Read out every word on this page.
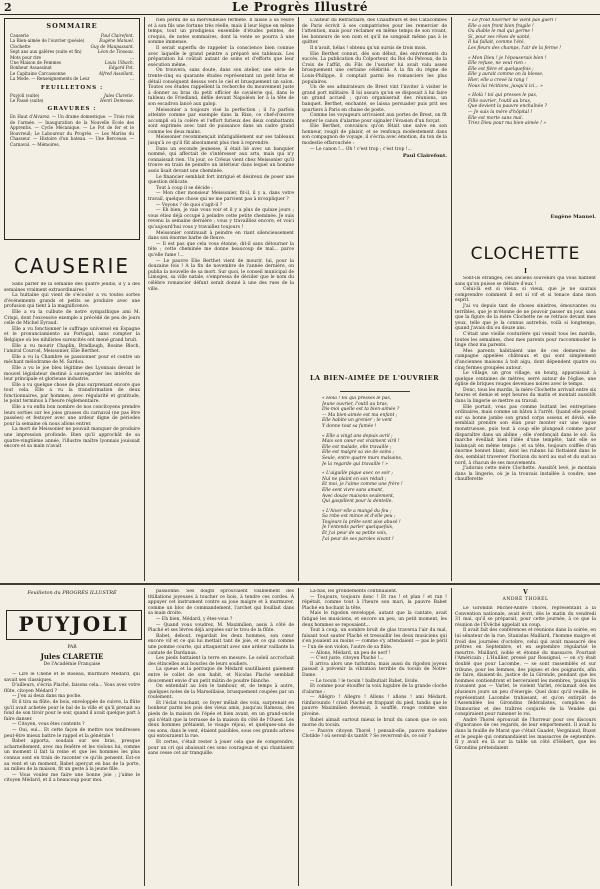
2	Le Progrès Illustré
SOMMAIRE
Causerie	Paul Clairefont.
La Bien-aimée de l'ouvrier (poésie)	Eugène Manuel.
Clochette	Guy de Maupassant.
Sept ans aux galères (suite et fin)	Léon de Tinseau.
Mots pour rire	...
Une Maison de Femmes	Louis Ulbach.
Bonheur Assassinat	Edgard Pot.
Le Capitaine Carcassonne	Alfred Assollant.
La Mode. — Renseignements de Leur	...
FEUILLETONS :
Puyjoli (suite)	Jules Claretie.
Le Passé (suite)	Henri Demesse.
GRAVURES :
En Haut d'Alvarez. — Un drame domestique. — Trois rois de l'armée. — Inauguration de la Nouvelle École des Apprentis. — Cycle Mécanique. — Le Pot de fer et le Bouvreuil; Le Laboureur du Progrès. — Les Marins du Chasseur. — Histoire d'un bateau. — Une Berceuse. — Carnaval. — Mémoires.
CAUSERIE

Sans parler de la semaine des quatre jeudis, il y a des semaines vraiment extraordinaires !

La huitaine qui vient de s'écouler a vu toutes sortes d'événements grands et petits se produire avec une profusion qui tient à la magnificence.

Elle a vu la culbute de notre sympathique ami M. Crispi, dont l'excessive exemple a précédé de peu de jours celle de Michel Eyraud.

Elle a vu fonctionner le suffrage universel en Espagne et le pronunciamiento au Portugal, sans compter la Belgique où les nihilistes surexcités ont mené grand bruit.

Elle a vu mourir Chaplin, Bradlaugh, Rosine Bloch, l'amiral Courcel, Meissonier, Elie Berthet.

Elle a vu la Chambre se passionner pour et contre un méchant mélodrame de M. Sardou.

Elle a vu le joe bleu légitime des Lyonnais devant le mouvel législateur destiné à sauvegarder les intérêts de leur principale et glorieuse industrie.

Elle a vu quelque chose de plus surprenant encore que tout cela. Elle a vu la transformation de deux fonctionnaires, par hommes, avec régularité et gratitude, le point terminus à l'heure réglementaire.

Elle a vu enfin bon nombre de nos concitoyens prendre leurs sorties sur les joies grasses du carnaval (ne pas être passées) et festoyer avec une ardeur digne de périodes pour la semaine où nous allons entrer.

La mort de Meissonier ne pouvait manquer de produire une impression profonde. Bien qu'il approchât de sa quatre-vingtième année, l'illustre maître lyonnais jouissait encore et sa main n'avait

rien perdu de sa merveilleuse fermeté. Il laisse à sa veuve et à son fils une fortune très réelle, mais il leur lègue en même temps, tout un prodigieux ensemble d'études peintes, de croquis, de notes sommaires, dont la vente se pourra à une somme immense.

Il serait superflu de rappeler la conscience bien connue avec laquelle le grand peintre a préparé ses tableaux. Les préparation lui coûtait autant de soins et d'efforts que leur exécution même.

On trouvera, sans doute, dans son atelier, une série de trente-cinq ou quarante études représentant un petit bras et détail conséquent dessus vers le ciel et brusquement un salon. Toutes ces études rappellent la recherche du mouvement juste à donner au bras du petit officier de cavalerie qui, dans le tableau de Friedland, défile devant Napoléon Ier à la tête de son escadron lancé aux galop.

Meissonier a toujours visé la perfection ; il l'a parfois atteinte comme par exemple dans la Rixe, ce chef-d'œuvre accompli où la colère et l'effort furieux des deux combattants sont exprimés avec tant de puissance dans un cadre grand comme les deux mains.

Meissonier recommençait infatigablement sur ses tableaux jusqu'à ce qu'il fût absolument plus rien à reprendre.

Dans un seconde jeunesse, il était lié avec un banquier nommé, qui affectait de s'intéresser aux arts, mais qui n'y connaissait rien. Un jour, ce Crésus vient chez Meissonier qu'il trouve en train de peindre un intérieur dans lequel un homme assis lisait devant une cheminée.

Le financier semblait fort intrigué et désireux de poser une question délicate.

Tout à coup il se décide :

— Mon cher monsieur Meissonier, fit-il, il y a, dans votre travail, quelque chose qui ne me parvient pas à m'expliquer ?

— Voyons ? de quoi s'agit-il ?

— Eh bien, je vais vous voir et il y a plus de quinze jours ; vous étiez déjà occupé à peindre cette petite cheminée. Je suis revenu la semaine dernière ; vous y travailliez encore, et voici qu'aujourd'hui vous y travaillez toujours !

Meissonier continuait à peindre en riant silencieusement dans son énorme barbe de fleuve.

— Il est pas que cela vous étonne, dit-il sans détourner la tête ; cette cheminée me donne beaucoup de mal... parce qu'elle fume !...

— Le pauvre Elie Berthet vient de mourir, lui, pour la douzaine fois ! A la fin de novembre de l'année dernière, on publia la nouvelle de sa mort. Sur quoi, le conseil municipal de Limoges, sa ville natale, s'empressa de décider que le nom du célèbre romancier défunt serait donné à une des rues de la ville.

L'auteur du Réfractaire, des Chauffeurs et des Catacombes de Paris écrivit à ses compatriotes pour les remercier de l'attention, mais pour réclamer en même temps de son vivant, les honneurs de son nom et qu'il ne songeait même pas à le quitter.

Il n'avait, hélas ! obtenu qu'un sursis de trois mois.

Elie Berthet connut, dès son début, des enivrements du succès. La publication du Colporteur, du Roi du Pelvoux, de la Croix de l'affût, du Fils de l'usurier lui avait valu assez brusquement une certaine célébrité. A la fin du règne de Louis-Philippe, il comptait parmi les romanciers les plus populaires.

Un de ses admirateurs de Brest vint l'inviter à visiter le grand port militaire. Il lui assura qu'on se disposait à lui faire un grand accueil ; qu'on organiserait des réunions, un banquet. Berthet, enchanté, se laissa persuader puis prit ses quartiers à Paris en chaise de poste.

Comme les voyageurs arrivaient aux portes de Brest, on fit sonner le canon d'alarme pour signaler l'évasion d'un forçat.

Elie Berthet, convaincu qu'on fêtait une salve en son honneur, rougit de plaisir, et se renfonça modestement dans son compagnon de voyage, il s'écria avec émotion, du ton de la modestie effarouchée :

— Le canon !... Oh ! c'est trop ; c'est trop !...

Paul Clairefont.
LA BIEN-AIMÉE DE L'OUVRIER
« Holà ! toi qui presses le pas,
Jeune ouvrier, l'outil au bras,
Dis-moi quelle est ta bien-aimée ?
— Ma bien-aimée est ma enfant ;
Elle habite un grenier ; le vent
Y donne tout sa fumée !
« Elle a vingt ans depuis avril ;
Mais son cœur est vraiment viril !
Elle est malade, elle travaille ;
Elle est malgré sa vie de soins ;
Seule, entre quatre murs malsains,
Je la regarde qui travaille ! »
« L'aiguille pique avec ce soir ;
Nul ne plaint en son réduit ;
Et moi, je l'aime comme une frère !
Elle sent vivre sans amant,
Avec douze maisons seulement,
Qui gaspillent pour la dentelle.
« L'hiver elle a mangé du feu ;
Sa robe est mince et d'elle peu ;
Toujours la prête sont aise abusé !
Je l'entends parler quelquefois,
Et j'ai peur de sa petite voix,
J'ai peur de ses paroles vivant !
« Le froid hiverner ne vient pas guéri !
Elle a son front bien fragile !
Ou diable le mal qui germe !
Si, pour ses rêves de santé,
Il lui fallait, comme l'été,
Les fleurs des champs, l'air de la ferme !
« Mon Dieu ! je l'épouserais bien !
Elle refuse, ne veut rien :
Elle est fière et quelquefois ;
Elle y aurait comme on la blesse,
Hier, elle a crevé la rang !
Nous lui récitions, jusqu'à ici... »
« Holà ! toi qui presses le pas,
Fille ouvrier, l'outil au bras,
Que devient la pauvre enchaînée ?
— Je suis la mère d'hôpital !
Elle est morte sans mal.
Triez Dieu pour ma bien-aimée ! »
Eugène Manuel.
CLOCHETTE
I

Sont-ils étranges, ces anciens souvenirs qui vous hantent sans qu'on puisse se défaire d'eux !

Celui-là est si vieux, si vieux, que je ne saurais comprendre comment il est si vif et si tenace dans mon esprit.

J'ai vu depuis tant de choses sinistres, émouvantes ou terribles, que je m'étonne de ne pouvoir passer un jour, sans que la figure de la mère Clochette ne se retrace devant mes yeux, telle que je la connus autrefois, voilà si longtemps, quand j'avais dix ou douze ans.

C'était une vieille couturière qui venait tous les mardis, toutes les semaines, chez mes parents pour raccommoder le linge chez ma parents.

Mes parents habitaient une de ces demeures de campagne appelées châteaux et qui sont simplement d'anciennes maisons à toit aigu, dont dépendent quatre ou cinq fermes groupées autour.

Le village, un gros village, un bourg, apparaissait à quelque centaines de mètres, serré autour de l'église, une église de briques rouges devenues noires avec le temps.

Donc, tous les mardis, la mère Clochette arrivait entre six heures et demie et sept heures du matin et montait aussitôt dans la lingerie se mettre au travail.

Elle portait, vous pas comme buttant les entreprises ordinaires, mais comme un bâton à l'arrêt. Quand elle posait sur sa bonne jambe son grand corps osseux et dévié, elle semblait prendre son élan pour monter sur une vague monstrueuse, puis tout à coup elle plongeait comme pour disparaître dans un abîme ; elle s'enfonçait dans le sol. Sa marche éveillait bien l'idée d'une tempête, tant elle se balançait en même temps ; et sa tête, toujours coiffée d'un énorme bonnet blanc, dont les rubans lui flottaient dans le dos, semblait traverser l'horizon du nord au sud et du sud au nord, à chacun de ses mouvements.

J'adorais cette mère Clochette. Aussitôt levé, je montais dans la lingerie, où je la trouvais installée à coudre, une chaufferette

Feuilleton du PROGRÈS ILLUSTRÉ
PUYJOLI
PAR
Jules CLARETIE
De l'Académie Française

— Lire le Chêne et le Roseau, murmure Médard, qui savait ses classiques.

D'ailleurs, s'écria Plaché, faisons cela... Vous avez votre flûte, citoyen Médard ?

— J'en ai deux dans ma poche.

Et il tira sa flûte, de bois, enveloppée de cuivre, la flûte qu'il avait achetée pour le bal de la ville et qu'il prenait au fond de son tiroir pour le soir, quand il avait quelque part à faire danser.

— Citoyen, vous êtes contents ?

— Oui, oui... Et cette façon de mettre nos tendresses peut-être mieux battre le rappel et la générale !

Babet apporta, soudain sur ses bras, presque acharnellement, avec ma fenêtre et les violons lui, comme un moment il fait la reine et que les hommes les plus connus sont en train de raconter ce qu'ils pensent. Est-ce au vent et un moment, Babet aperçut en bas de la porte, au milieu de la maison, fit un geste à la jeune fille.

— Vous voulez me faire une bonne joie ; j'aime le citoyen Médard, et il a beaucoup pour moi.

passionné. Ses doigts éprouvaient visiblement des titillations joyeuses à toucher ce bois, à tendre ces cordes. À appuyer cet instrument contre sa joue maigre et à murmurer, comme un bloc de commandement, l'archet qui fouillait dans sa main droite.

— Eh bien, Médard, y êtes-vous ?

— Quand vous voudrez, M. Maximilien, assis à côté de Plaché et ses lèvres déjà arquées sur le trou de la flûte.

Babet, debout, regardait les deux hommes, son cœur encore vif et ce qui lui mettait tant de joie, et ce qui comme une pomme courte, qui attaquerait avec une ardeur vaillante la cantate de Dardanus.

Les pieds battaient la terre en mesure. Le soleil accrochait des étincelles aux boucles de leurs souliers.

La queue et la perruque de Médard sautillaient gaiement entre le collet de son habit, et Nicolas Plaché semblait doucement envie d'un petit mâtin de poudre blanche.

On entendait au loin le tambour, et, de temps à autre, quelques notes de la Marseillaise, brusquement coupées par un roulement.

Et l'éclat touchant, ce foyer mêlait des voix, surprenait en bonheur parmi les pois des vieux amis, jusqu'au Rameau, des pieds de la maison de l'épée et bien avant, en un grand-oncle qui n'était que la terrasse de la maison du côté de l'Ouest. Les deux hommes prêtaient, le visage réjoui, et quelques-uns de ces sons, dans le vent, étaient paisibles, sous ces grands arbres qui entouraient la rue.

Et certes, c'était rester à jouer cela que de comprendre, pour un cri qui abaissait ces sons courageux et qui chantaient sans cesse cet air tranquille.

Là-bas, les grondements continuaient.

— Toujours, toujours donc ! Et ras ! et plan ! et ran ! répétait, comme tout à l'heure son mari, la pauvre Babet Plaché en hochant la tête.

Mais le rigodon enveloppé, autant que la cantate, avait fatigué les musiciens, et encore un peu, un petit moment, les deux hommes se reposaient...

Tout à coup, un sombre bruit de glas traversa l'air du mal, faisant tout sauter Plaché et tressaillir les deux musiciens qui s'en jouaient au moins — comme s'y attendaient — pas le péril — l'un de son violon, l'autre de sa flûte.

— Allons, Médard, un peu de nerf !

— C'est juste, citoyen Plaché !...

Il arriva alors une turlututu, mais aussi du rigodon joyeux passait à prévenir la vibration terrible du tocsin de Notre-Dame.

— Le tocsin ! le tocsin ! balbutiait Babet, livide.

Et comme pour étouffer la voix lugubre de la grande cloche d'alarme :

— Allégro ! Allegro ! Allons ! allons ! ami Médard, riinfaroundo ! criait Plaché en frappant du pied, tandis que le pauvre Maximilien devenait, à soufflé, rouge comme une pivoine.

Babet aimait surtout mieux le bruit du canon que ce son morne du tocsin.

— Pauvre citoyen Thorel ! pensait-elle, pauvre madame Clotilde ! où seront-ils tantôt ? Se reverront-ils, ce soir ?

V
ANDRÉ THOREL

Le Girondin Michel-André Thorel, représentant à la Convention nationale, avait écrit, dès le matin du vendredi 31 mai, qu'il se préparait, pour cette journée, à ce que la réunion de l'Évêché appelait un coup.

Il avait fait des conférences et réunions dans la soirée, en lui sénateur de la rue, Stanislas Maillard, l'homme maigre et froid des journées d'octobre, celui qui avait massacré des prêtres en Septembre, et en septembre régularisé le meurtre. Maillard, noble et étonné du massacre. Pourtant l'Américain ; L'Huillier, pressé par Rossignol, — on s'y était doublé que pour Lacombe, — se sont rassemblés et sur tribune, pour les femmes, des piques et des poignards, afin de faire, disaient-ils, justice de la Gironde, pendant que les hommes contiendront et berceraient les membres, 'puisqu'ils n'avaient pas — Varlet, le violent Varlet, réclamait dès les plusieurs jours un peu d'énergie. Quel donc qu'il veuille, le représentant Lacombe trahissant, et qu'on extirpât de l'Assemblée les Girondins fédéralistes, complices de Dumouriez et des traîtres conjurés de la Vendée qui conspiraient pour ramener le roi.

André Thorel éprouvait de l'horreur pour ces discours d'ignorance de ces regards, de leur emportement. Il avait lu dans la feuille de Marat que c'était Guadet, Vergniaud, Buzot et le peuple qui commandaient les massacres de septembre. Il y avait eu là sur la table un côté d'Hébert, que les Girondins prétendaient
